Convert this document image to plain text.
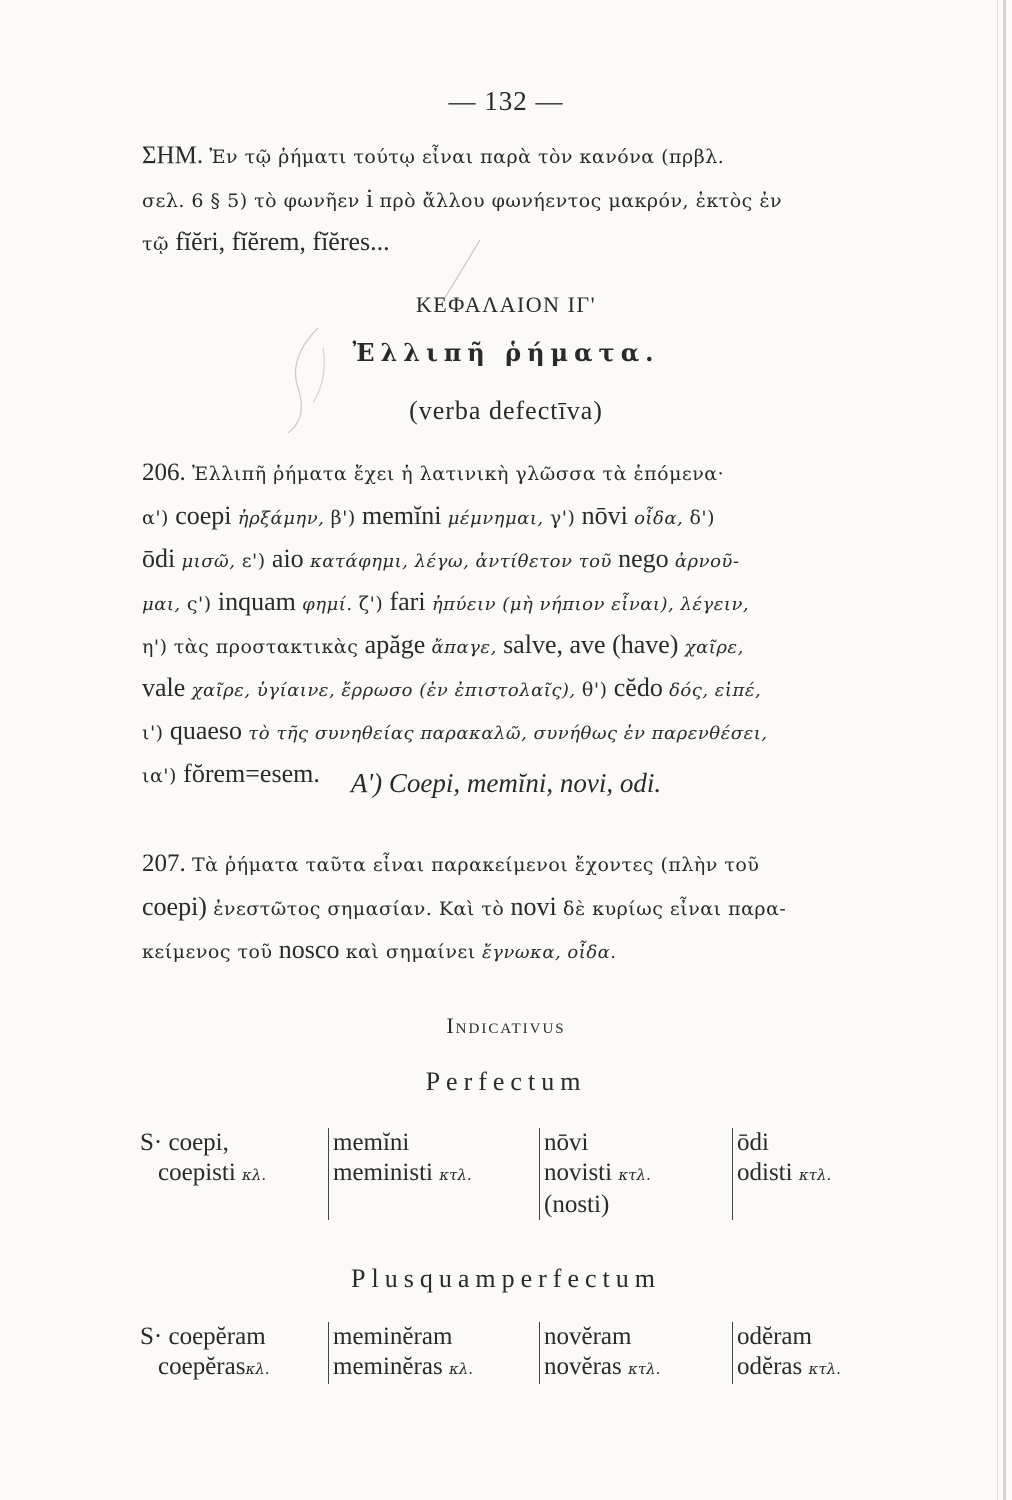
— 132 —
ΣΗΜ. Ἐν τῷ ῥήματι τούτῳ εἶναι παρὰ τὸν κανόνα (πρβλ.
σελ. 6 § 5) τὸ φωνῆεν i πρὸ ἄλλου φωνήεντος μακρόν, ἐκτὸς ἐν
τῷ fĭĕri, fĭĕrem, fĭĕres...
ΚΕΦΑΛΑΙΟΝ ΙΓ'
Ἐλλιπῆ ῥήματα.
(verba defectīva)
206. Ἐλλιπῆ ῥήματα ἔχει ἡ λατινικὴ γλῶσσα τὰ ἑπόμενα·
α') coepi ἠρξάμην, β') memĭni μέμνημαι, γ') nōvi οἶδα, δ')
ōdi μισῶ, ε') aio κατάφημι, λέγω, ἀντίθετον τοῦ nego ἀρνοῦ-
μαι, ς') inquam φημί. ζ') fari ἠπύειν (μὴ νήπιον εἶναι), λέγειν,
η') τὰς προστακτικὰς apăge ἄπαγε, salve, ave (have) χαῖρε,
vale χαῖρε, ὑγίαινε, ἔρρωσο (ἐν ἐπιστολαῖς), θ') cĕdo δός, εἰπέ,
ι') quaeso τὸ τῆς συνηθείας παρακαλῶ, συνήθως ἐν παρενθέσει,
ια') fŏrem=esem.	Α') Coepi, memĭni, novi, odi.
207. Τὰ ῥήματα ταῦτα εἶναι παρακείμενοι ἔχοντες (πλὴν τοῦ
coepi) ἐνεστῶτος σημασίαν. Καὶ τὸ novi δὲ κυρίως εἶναι παρα-
κείμενος τοῦ nosco καὶ σημαίνει ἔγνωκα, οἶδα.
Indicativus
Perfectum
S· coepi,	memĭni	nōvi	ōdi
coepisti κλ.	meministi κτλ.	novisti κτλ.	odisti κτλ.
(nosti)
Plusquamperfectum
S· coepĕram	meminĕram	novĕram	odĕram
coepĕrasκλ.	meminĕras κλ.	novĕras κτλ.	odĕras κτλ.
